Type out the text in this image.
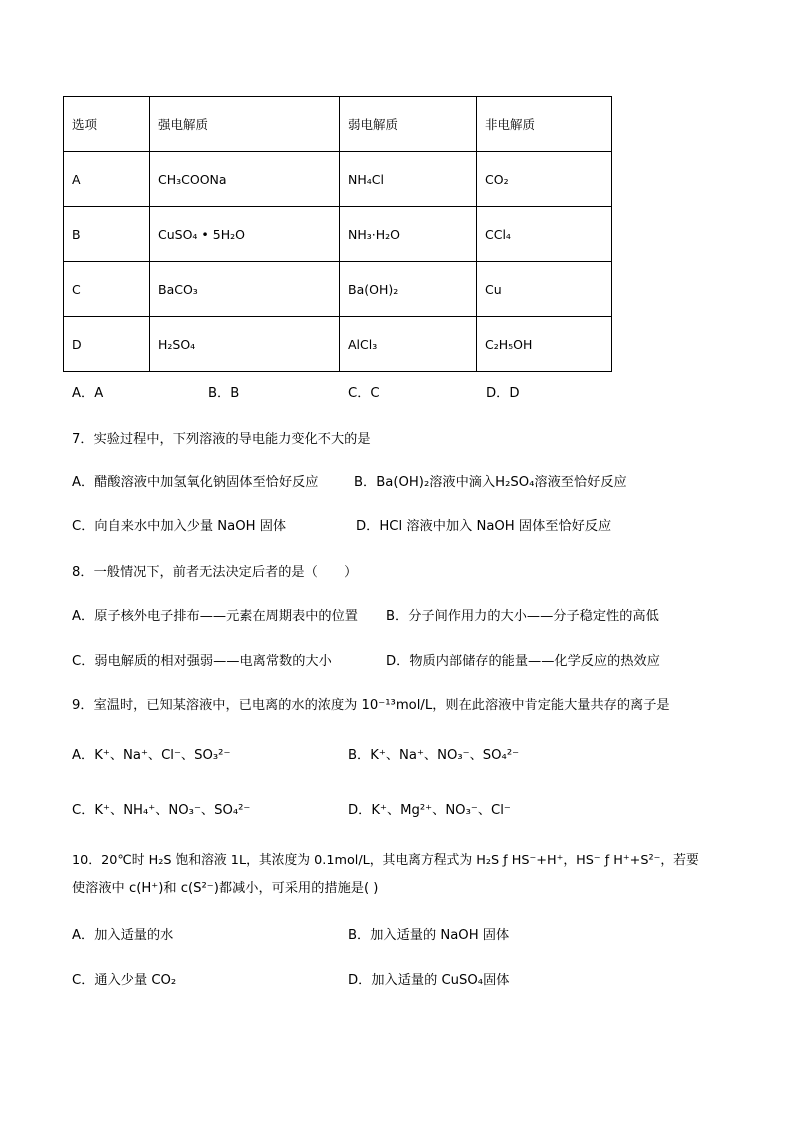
选项	强电解质	弱电解质	非电解质
A	CH₃COONa	NH₄Cl	CO₂
B	CuSO₄ • 5H₂O	NH₃·H₂O	CCl₄
C	BaCO₃	Ba(OH)₂	Cu
D	H₂SO₄	AlCl₃	C₂H₅OH
A．A	B．B	C．C	D．D
7．实验过程中，下列溶液的导电能力变化不大的是
A．醋酸溶液中加氢氧化钠固体至恰好反应	B．Ba(OH)₂溶液中滴入H₂SO₄溶液至恰好反应
C．向自来水中加入少量 NaOH 固体	D．HCl 溶液中加入 NaOH 固体至恰好反应
8．一般情况下，前者无法决定后者的是（　　）
A．原子核外电子排布——元素在周期表中的位置 B．分子间作用力的大小——分子稳定性的高低
C．弱电解质的相对强弱——电离常数的大小	D．物质内部储存的能量——化学反应的热效应
9．室温时，已知某溶液中，已电离的水的浓度为 10⁻¹³mol/L，则在此溶液中肯定能大量共存的离子是
A．K⁺、Na⁺、Cl⁻、SO₃²⁻	B．K⁺、Na⁺、NO₃⁻、SO₄²⁻
C．K⁺、NH₄⁺、NO₃⁻、SO₄²⁻	D．K⁺、Mg²⁺、NO₃⁻、Cl⁻
10．20℃时 H₂S 饱和溶液 1L，其浓度为 0.1mol/L，其电离方程式为 H₂S ƒ HS⁻+H⁺，HS⁻ ƒ H⁺+S²⁻，若要
使溶液中 c(H⁺)和 c(S²⁻)都减小，可采用的措施是( )
A．加入适量的水	B．加入适量的 NaOH 固体
C．通入少量 CO₂	D．加入适量的 CuSO₄固体
